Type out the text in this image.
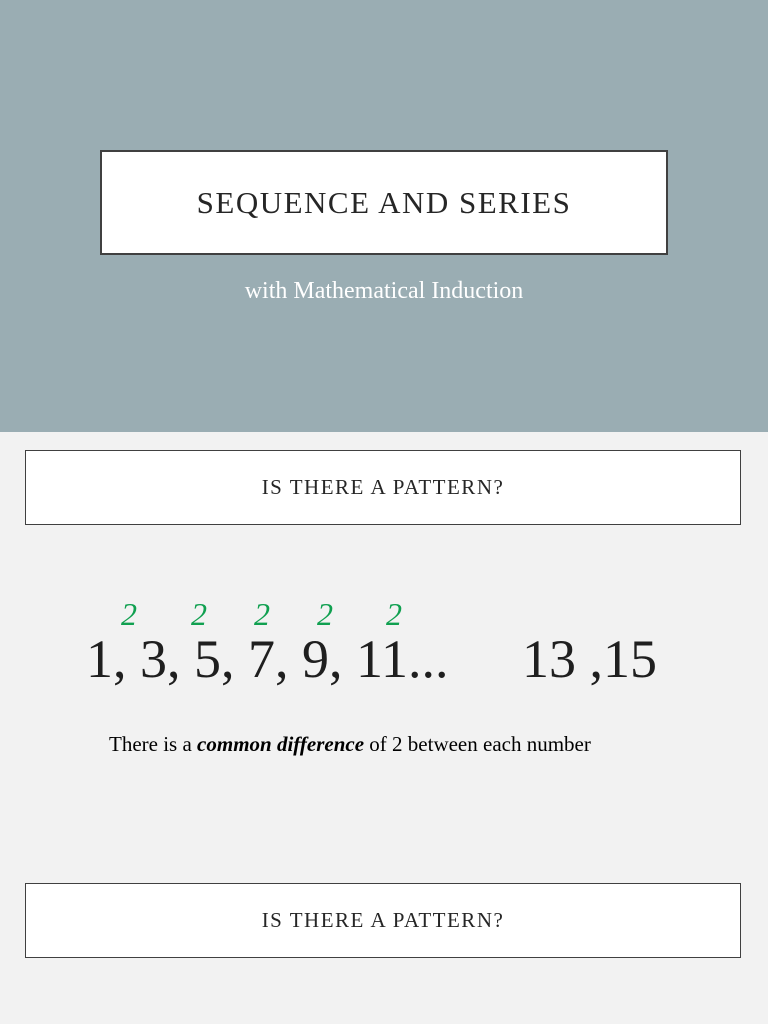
SEQUENCE AND SERIES
with Mathematical Induction
IS THERE A PATTERN?
2 2 2 2 2
1, 3, 5, 7, 9, 11... 13 ,15
There is a common difference of 2 between each number
IS THERE A PATTERN?
